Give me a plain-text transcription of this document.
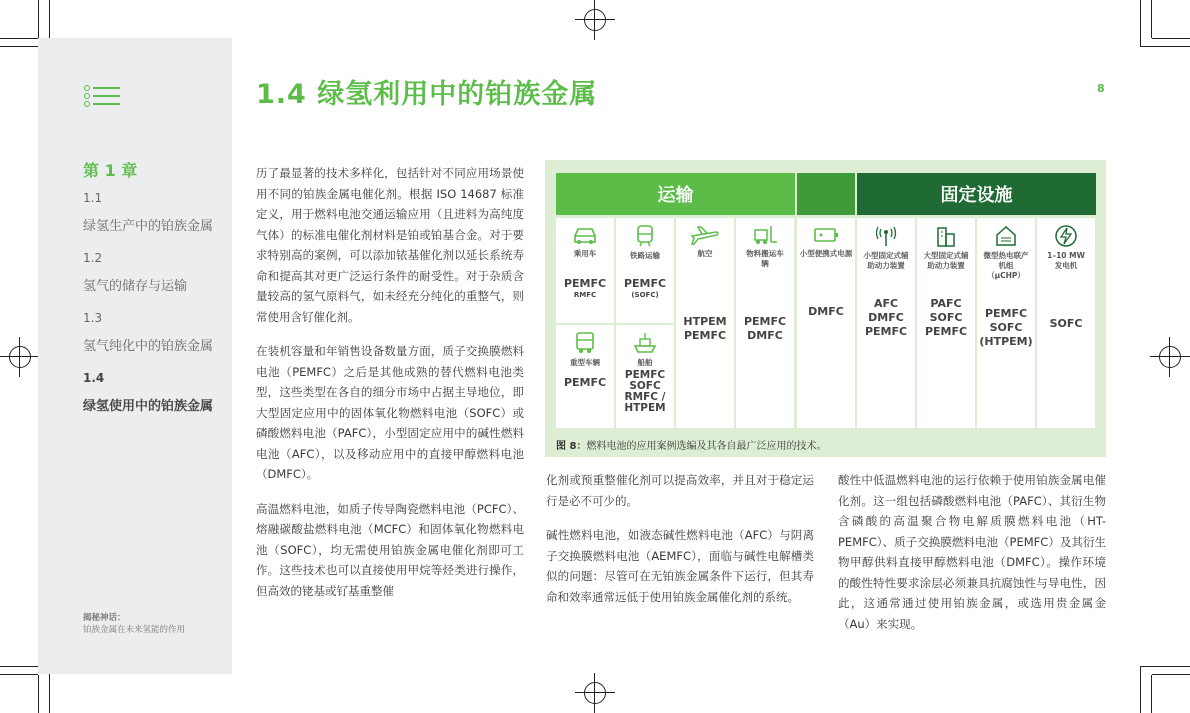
第 1 章
1.1
绿氢生产中的铂族金属
1.2
氢气的储存与运输
1.3
氢气纯化中的铂族金属
1.4
绿氢使用中的铂族金属
揭秘神话：
铂族金属在未来氢能的作用
1.4 绿氢利用中的铂族金属	8

历了最显著的技术多样化，包括针对不同应用场景使用不同的铂族金属电催化剂。根据 ISO 14687 标准定义，用于燃料电池交通运输应用（且进料为高纯度气体）的标准电催化剂材料是铂或铂基合金。对于要求特别高的案例，可以添加铱基催化剂以延长系统寿命和提高其对更广泛运行条件的耐受性。对于杂质含量较高的氢气原料气，如未经充分纯化的重整气，则常使用含钌催化剂。

在装机容量和年销售设备数量方面，质子交换膜燃料电池（PEMFC）之后是其他成熟的替代燃料电池类型，这些类型在各自的细分市场中占据主导地位，即大型固定应用中的固体氧化物燃料电池（SOFC）或磷酸燃料电池（PAFC），小型固定应用中的碱性燃料电池（AFC），以及移动应用中的直接甲醇燃料电池（DMFC）。

高温燃料电池，如质子传导陶瓷燃料电池（PCFC）、熔融碳酸盐燃料电池（MCFC）和固体氧化物燃料电池（SOFC），均无需使用铂族金属电催化剂即可工作。这些技术也可以直接使用甲烷等烃类进行操作，但高效的铑基或钌基重整催

化剂或预重整催化剂可以提高效率，并且对于稳定运行是必不可少的。

碱性燃料电池，如液态碱性燃料电池（AFC）与阴离子交换膜燃料电池（AEMFC），面临与碱性电解槽类似的问题：尽管可在无铂族金属条件下运行，但其寿命和效率通常远低于使用铂族金属催化剂的系统。

酸性中低温燃料电池的运行依赖于使用铂族金属电催化剂。这一组包括磷酸燃料电池（PAFC）、其衍生物含磷酸的高温聚合物电解质膜燃料电池（HT-PEMFC）、质子交换膜燃料电池（PEMFC）及其衍生物甲醇供料直接甲醇燃料电池（DMFC）。操作环境的酸性特性要求涂层必须兼具抗腐蚀性与导电性，因此，这通常通过使用铂族金属，或选用贵金属金（Au）来实现。

运输	固定设施
乘用车
PEMFC
RMFC
铁路运输
PEMFC
(SOFC)
重型车辆
PEMFC
船舶
PEMFC
SOFC
RMFC /
HTPEM
航空
HTPEM
PEMFC
物料搬运车辆
PEMFC
DMFC
小型便携式电源
DMFC
小型固定式辅助动力装置
AFC
DMFC
PEMFC
大型固定式辅助动力装置
PAFC
SOFC
PEMFC
微型热电联产机组（μCHP）
PEMFC
SOFC
(HTPEM)
1–10 MW 发电机
SOFC
图 8：燃料电池的应用案例选编及其各自最广泛应用的技术。
